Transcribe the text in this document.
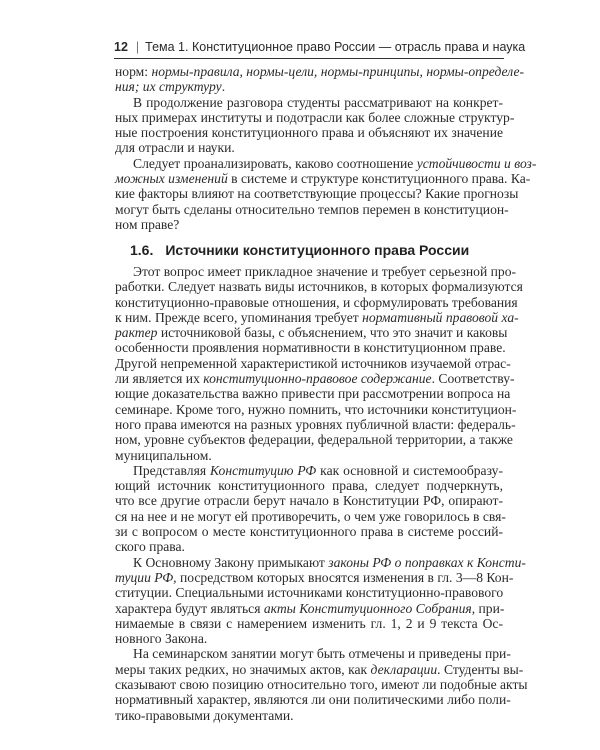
12 | Тема 1. Конституционное право России — отрасль права и наука
норм: нормы-правила, нормы-цели, нормы-принципы, нормы-определе-
ния; их структуру.
В продолжение разговора студенты рассматривают на конкрет-
ных примерах институты и подотрасли как более сложные структур-
ные построения конституционного права и объясняют их значение
для отрасли и науки.
Следует проанализировать, каково соотношение устойчивости и воз-
можных изменений в системе и структуре конституционного права. Ка-
кие факторы влияют на соответствующие процессы? Какие прогнозы
могут быть сделаны относительно темпов перемен в конституцион-
ном праве?
1.6. Источники конституционного права России
Этот вопрос имеет прикладное значение и требует серьезной про-
работки. Следует назвать виды источников, в которых формализуются
конституционно-правовые отношения, и сформулировать требования
к ним. Прежде всего, упоминания требует нормативный правовой ха-
рактер источниковой базы, с объяснением, что это значит и каковы
особенности проявления нормативности в конституционном праве.
Другой непременной характеристикой источников изучаемой отрас-
ли является их конституционно-правовое содержание. Соответству-
ющие доказательства важно привести при рассмотрении вопроса на
семинаре. Кроме того, нужно помнить, что источники конституцион-
ного права имеются на разных уровнях публичной власти: федераль-
ном, уровне субъектов федерации, федеральной территории, а также
муниципальном.
Представляя Конституцию РФ как основной и системообразу-
ющий источник конституционного права, следует подчеркнуть,
что все другие отрасли берут начало в Конституции РФ, опирают-
ся на нее и не могут ей противоречить, о чем уже говорилось в свя-
зи с вопросом о месте конституционного права в системе россий-
ского права.
К Основному Закону примыкают законы РФ о поправках к Консти-
туции РФ, посредством которых вносятся изменения в гл. 3—8 Кон-
ституции. Специальными источниками конституционно-правового
характера будут являться акты Конституционного Собрания, при-
нимаемые в связи с намерением изменить гл. 1, 2 и 9 текста Ос-
новного Закона.
На семинарском занятии могут быть отмечены и приведены при-
меры таких редких, но значимых актов, как декларации. Студенты вы-
сказывают свою позицию относительно того, имеют ли подобные акты
нормативный характер, являются ли они политическими либо поли-
тико-правовыми документами.
